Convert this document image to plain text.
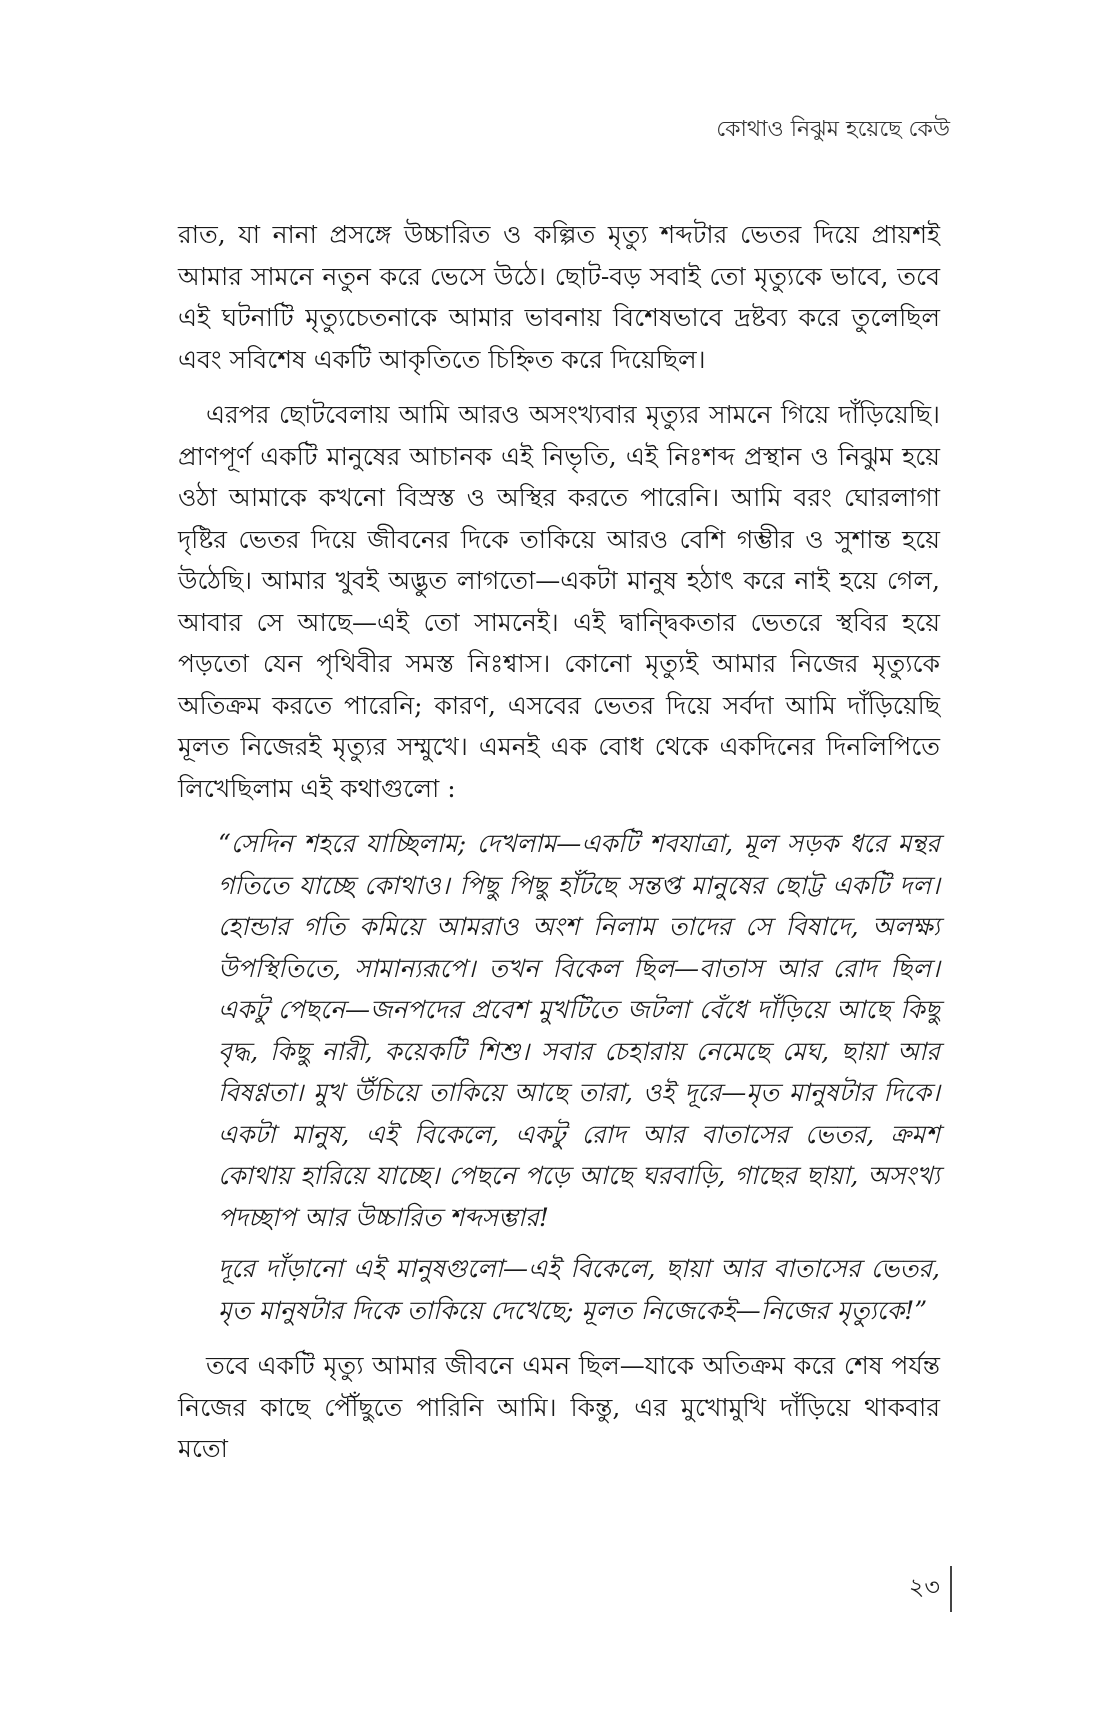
কোথাও নিঝুম হয়েছে কেউ

রাত, যা নানা প্রসঙ্গে উচ্চারিত ও কল্পিত মৃত্যু শব্দটার ভেতর দিয়ে প্রায়শই আমার সামনে নতুন করে ভেসে উঠে। ছোট-বড় সবাই তো মৃত্যুকে ভাবে, তবে এই ঘটনাটি মৃত্যুচেতনাকে আমার ভাবনায় বিশেষভাবে দ্রষ্টব্য করে তুলেছিল এবং সবিশেষ একটি আকৃতিতে চিহ্নিত করে দিয়েছিল।

এরপর ছোটবেলায় আমি আরও অসংখ্যবার মৃত্যুর সামনে গিয়ে দাঁড়িয়েছি। প্রাণপূর্ণ একটি মানুষের আচানক এই নিভৃতি, এই নিঃশব্দ প্রস্থান ও নিঝুম হয়ে ওঠা আমাকে কখনো বিস্রস্ত ও অস্থির করতে পারেনি। আমি বরং ঘোরলাগা দৃষ্টির ভেতর দিয়ে জীবনের দিকে তাকিয়ে আরও বেশি গম্ভীর ও সুশান্ত হয়ে উঠেছি। আমার খুবই অদ্ভুত লাগতো—একটা মানুষ হঠাৎ করে নাই হয়ে গেল, আবার সে আছে—এই তো সামনেই। এই দ্বান্দ্বিকতার ভেতরে স্থবির হয়ে পড়তো যেন পৃথিবীর সমস্ত নিঃশ্বাস। কোনো মৃত্যুই আমার নিজের মৃত্যুকে অতিক্রম করতে পারেনি; কারণ, এসবের ভেতর দিয়ে সর্বদা আমি দাঁড়িয়েছি মূলত নিজেরই মৃত্যুর সম্মুখে। এমনই এক বোধ থেকে একদিনের দিনলিপিতে লিখেছিলাম এই কথাগুলো :

“সেদিন শহরে যাচ্ছিলাম; দেখলাম—একটি শবযাত্রা, মূল সড়ক ধরে মন্থর গতিতে যাচ্ছে কোথাও। পিছু পিছু হাঁটছে সন্তপ্ত মানুষের ছোট্ট একটি দল। হোন্ডার গতি কমিয়ে আমরাও অংশ নিলাম তাদের সে বিষাদে, অলক্ষ্য উপস্থিতিতে, সামান্যরূপে। তখন বিকেল ছিল—বাতাস আর রোদ ছিল। একটু পেছনে—জনপদের প্রবেশ মুখটিতে জটলা বেঁধে দাঁড়িয়ে আছে কিছু বৃদ্ধ, কিছু নারী, কয়েকটি শিশু। সবার চেহারায় নেমেছে মেঘ, ছায়া আর বিষণ্ণতা। মুখ উঁচিয়ে তাকিয়ে আছে তারা, ওই দূরে—মৃত মানুষটার দিকে। একটা মানুষ, এই বিকেলে, একটু রোদ আর বাতাসের ভেতর, ক্রমশ কোথায় হারিয়ে যাচ্ছে। পেছনে পড়ে আছে ঘরবাড়ি, গাছের ছায়া, অসংখ্য পদচ্ছাপ আর উচ্চারিত শব্দসম্ভার!

দূরে দাঁড়ানো এই মানুষগুলো—এই বিকেলে, ছায়া আর বাতাসের ভেতর, মৃত মানুষটার দিকে তাকিয়ে দেখেছে; মূলত নিজেকেই—নিজের মৃত্যুকে!”

তবে একটি মৃত্যু আমার জীবনে এমন ছিল—যাকে অতিক্রম করে শেষ পর্যন্ত নিজের কাছে পৌঁছুতে পারিনি আমি। কিন্তু, এর মুখোমুখি দাঁড়িয়ে থাকবার মতো

২৩
